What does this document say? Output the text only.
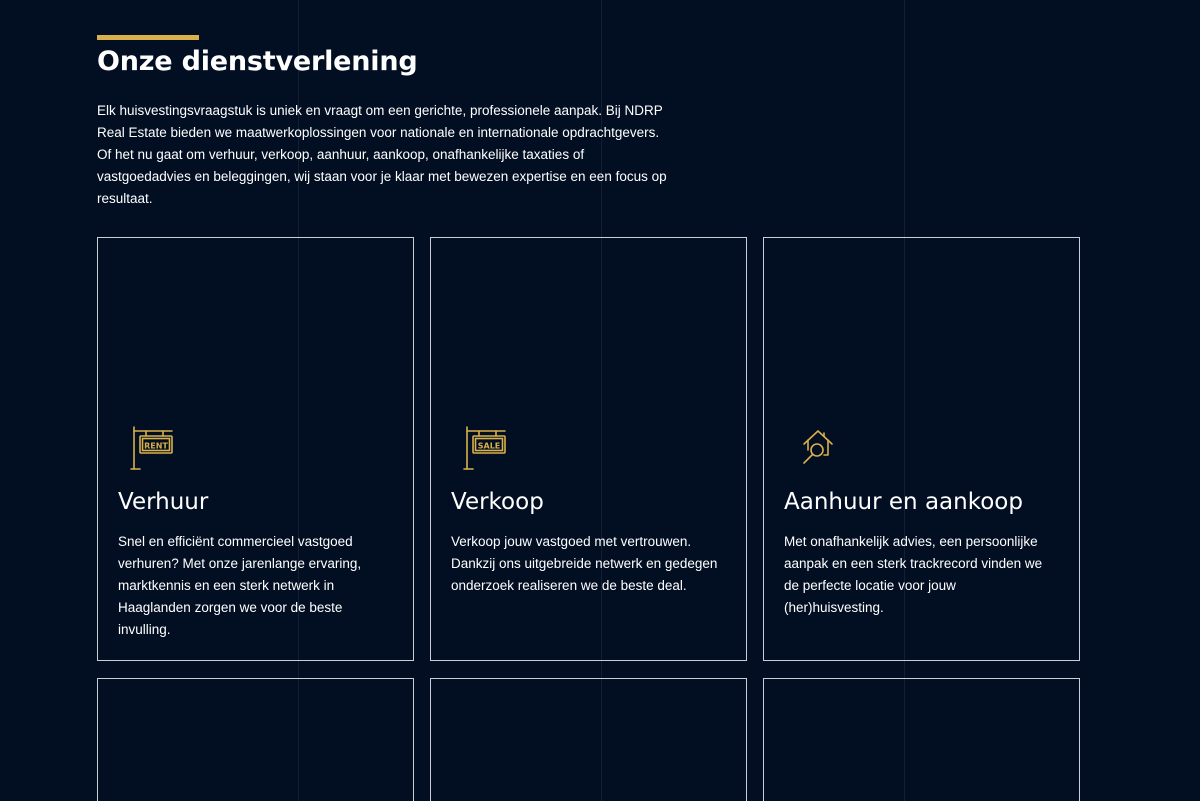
Onze dienstverlening

Elk huisvestingsvraagstuk is uniek en vraagt om een gerichte, professionele aanpak. Bij NDRP Real Estate bieden we maatwerkoplossingen voor nationale en internationale opdrachtgevers. Of het nu gaat om verhuur, verkoop, aanhuur, aankoop, onafhankelijke taxaties of vastgoedadvies en beleggingen, wij staan voor je klaar met bewezen expertise en een focus op resultaat.

RENT
Verhuur

Snel en efficiënt commercieel vastgoed verhuren? Met onze jarenlange ervaring, marktkennis en een sterk netwerk in Haaglanden zorgen we voor de beste invulling.

SALE
Verkoop

Verkoop jouw vastgoed met vertrouwen. Dankzij ons uitgebreide netwerk en gedegen onderzoek realiseren we de beste deal.

Aanhuur en aankoop

Met onafhankelijk advies, een persoonlijke aanpak en een sterk trackrecord vinden we de perfecte locatie voor jouw (her)huisvesting.
